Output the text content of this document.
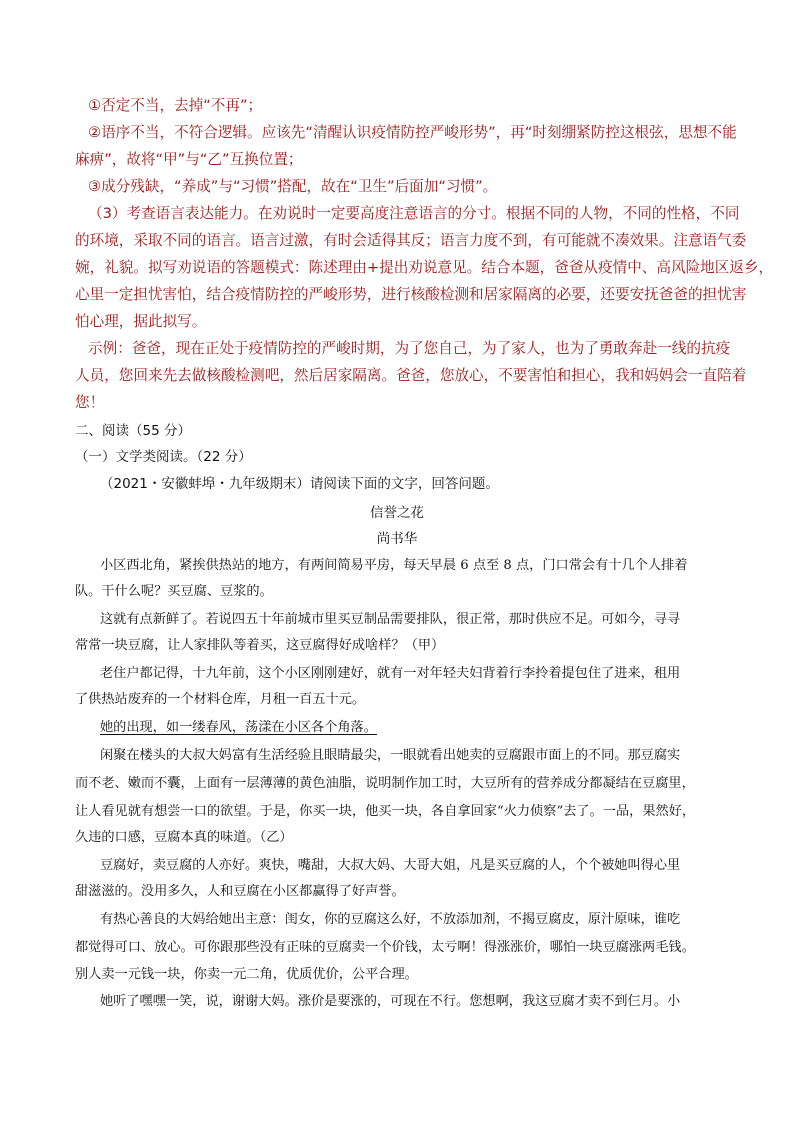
①否定不当，去掉“不再”；
②语序不当，不符合逻辑。应该先“清醒认识疫情防控严峻形势”，再“时刻绷紧防控这根弦，思想不能
麻痹”，故将“甲”与“乙”互换位置；
③成分残缺，“养成”与“习惯”搭配，故在“卫生”后面加“习惯”。
（3）考查语言表达能力。在劝说时一定要高度注意语言的分寸。根据不同的人物，不同的性格，不同
的环境，采取不同的语言。语言过激，有时会适得其反；语言力度不到，有可能就不凑效果。注意语气委
婉，礼貌。拟写劝说语的答题模式：陈述理由+提出劝说意见。结合本题，爸爸从疫情中、高风险地区返乡，
心里一定担忧害怕，结合疫情防控的严峻形势，进行核酸检测和居家隔离的必要，还要安抚爸爸的担忧害
怕心理，据此拟写。
示例：爸爸，现在正处于疫情防控的严峻时期，为了您自己，为了家人，也为了勇敢奔赴一线的抗疫
人员，您回来先去做核酸检测吧，然后居家隔离。爸爸，您放心，不要害怕和担心，我和妈妈会一直陪着
您！
二、阅读（55 分）
（一）文学类阅读。（22 分）
（2021・安徽蚌埠・九年级期末）请阅读下面的文字，回答问题。
信誉之花
尚书华
小区西北角，紧挨供热站的地方，有两间简易平房，每天早晨 6 点至 8 点，门口常会有十几个人排着
队。干什么呢？买豆腐、豆浆的。
这就有点新鲜了。若说四五十年前城市里买豆制品需要排队，很正常，那时供应不足。可如今，寻寻
常常一块豆腐，让人家排队等着买，这豆腐得好成啥样？（甲）
老住户都记得，十九年前，这个小区刚刚建好，就有一对年轻夫妇背着行李拎着提包住了进来，租用
了供热站废弃的一个材料仓库，月租一百五十元。
她的出现，如一缕春风，荡漾在小区各个角落。
闲聚在楼头的大叔大妈富有生活经验且眼睛最尖，一眼就看出她卖的豆腐跟市面上的不同。那豆腐实
而不老、嫩而不囊，上面有一层薄薄的黄色油脂，说明制作加工时，大豆所有的营养成分都凝结在豆腐里，
让人看见就有想尝一口的欲望。于是，你买一块，他买一块，各自拿回家“火力侦察”去了。一品，果然好，
久违的口感，豆腐本真的味道。（乙）
豆腐好，卖豆腐的人亦好。爽快，嘴甜，大叔大妈、大哥大姐，凡是买豆腐的人，个个被她叫得心里
甜滋滋的。没用多久，人和豆腐在小区都赢得了好声誉。
有热心善良的大妈给她出主意：闺女，你的豆腐这么好，不放添加剂，不揭豆腐皮，原汁原味，谁吃
都觉得可口、放心。可你跟那些没有正味的豆腐卖一个价钱，太亏啊！得涨涨价，哪怕一块豆腐涨两毛钱。
别人卖一元钱一块，你卖一元二角，优质优价，公平合理。
她听了嘿嘿一笑，说，谢谢大妈。涨价是要涨的，可现在不行。您想啊，我这豆腐才卖不到仨月。小
